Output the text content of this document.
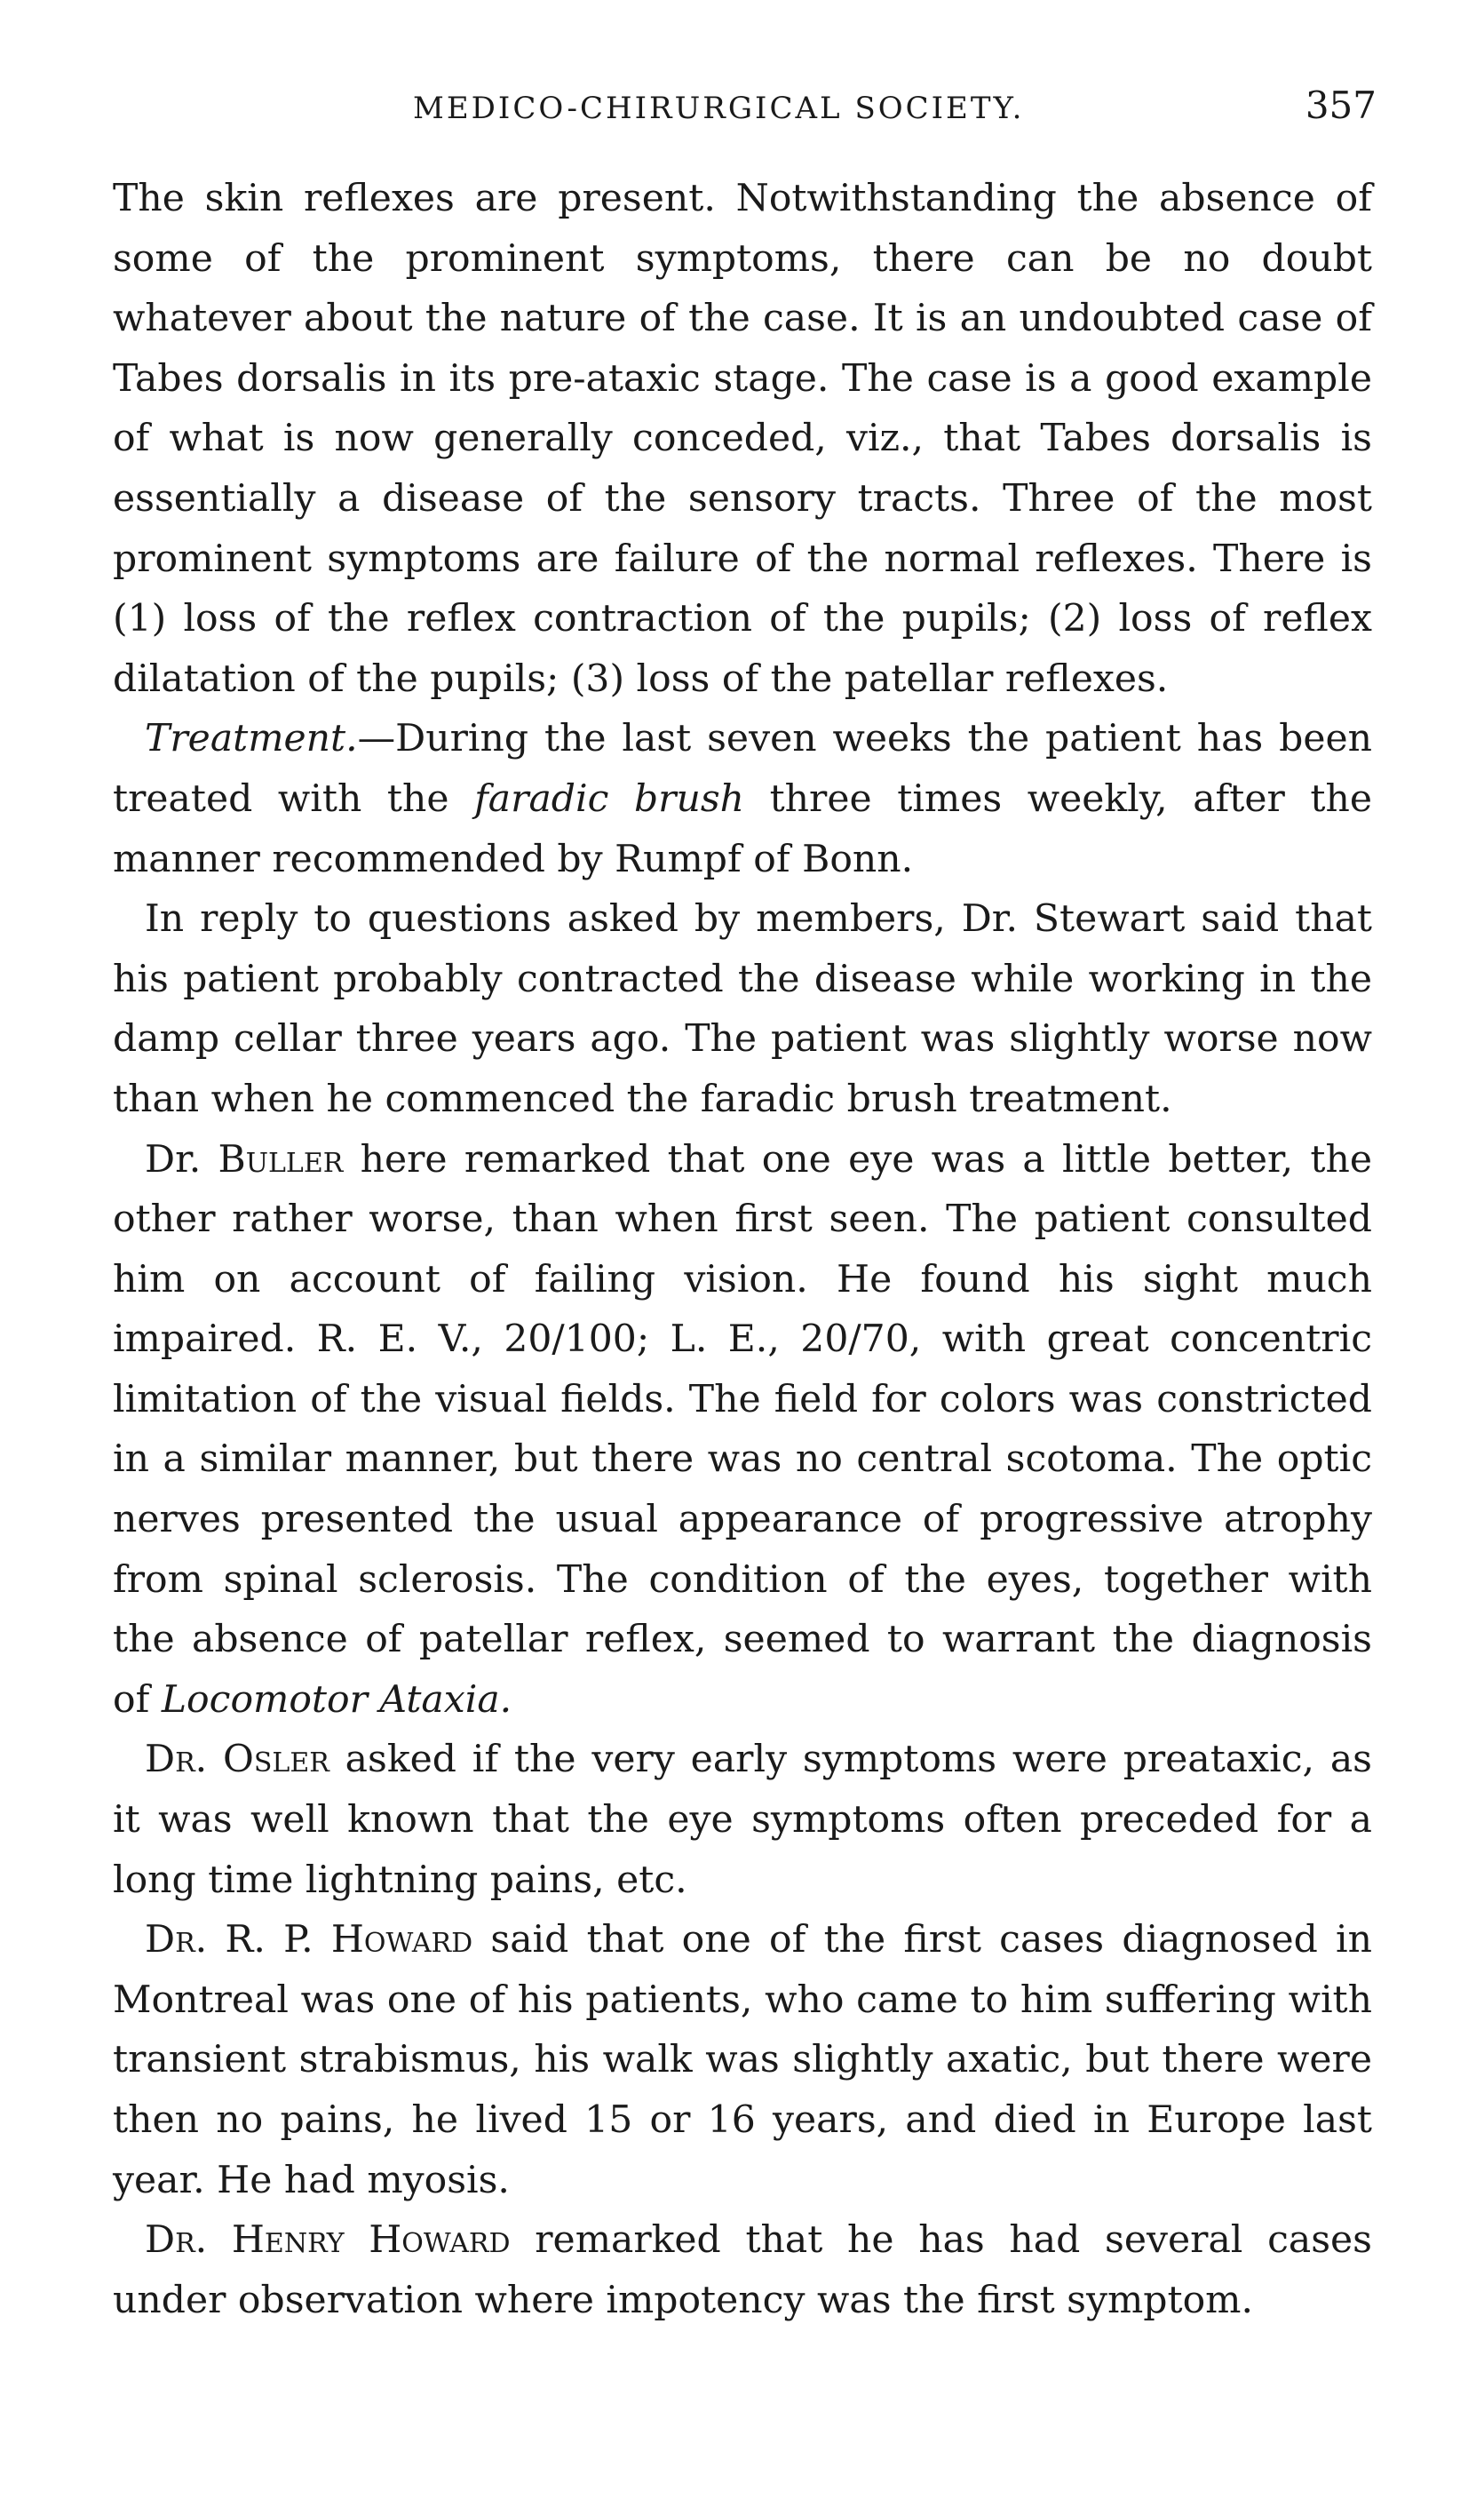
MEDICO-CHIRURGICAL SOCIETY.	357

The skin reflexes are present. Notwithstanding the absence of some of the prominent symptoms, there can be no doubt whatever about the nature of the case. It is an undoubted case of Tabes dorsalis in its pre-ataxic stage. The case is a good example of what is now generally conceded, viz., that Tabes dorsalis is essentially a disease of the sensory tracts. Three of the most prominent symptoms are failure of the normal reflexes. There is (1) loss of the reflex contraction of the pupils; (2) loss of reflex dilatation of the pupils; (3) loss of the patellar reflexes.

Treatment.—During the last seven weeks the patient has been treated with the faradic brush three times weekly, after the manner recommended by Rumpf of Bonn.

In reply to questions asked by members, Dr. Stewart said that his patient probably contracted the disease while working in the damp cellar three years ago. The patient was slightly worse now than when he commenced the faradic brush treatment.

Dr. Buller here remarked that one eye was a little better, the other rather worse, than when first seen. The patient consulted him on account of failing vision. He found his sight much impaired. R. E. V., 20/100; L. E., 20/70, with great concentric limitation of the visual fields. The field for colors was constricted in a similar manner, but there was no central scotoma. The optic nerves presented the usual appearance of progressive atrophy from spinal sclerosis. The condition of the eyes, together with the absence of patellar reflex, seemed to warrant the diagnosis of Locomotor Ataxia.

Dr. Osler asked if the very early symptoms were preataxic, as it was well known that the eye symptoms often preceded for a long time lightning pains, etc.

Dr. R. P. Howard said that one of the first cases diagnosed in Montreal was one of his patients, who came to him suffering with transient strabismus, his walk was slightly axatic, but there were then no pains, he lived 15 or 16 years, and died in Europe last year. He had myosis.

Dr. Henry Howard remarked that he has had several cases under observation where impotency was the first symptom.
